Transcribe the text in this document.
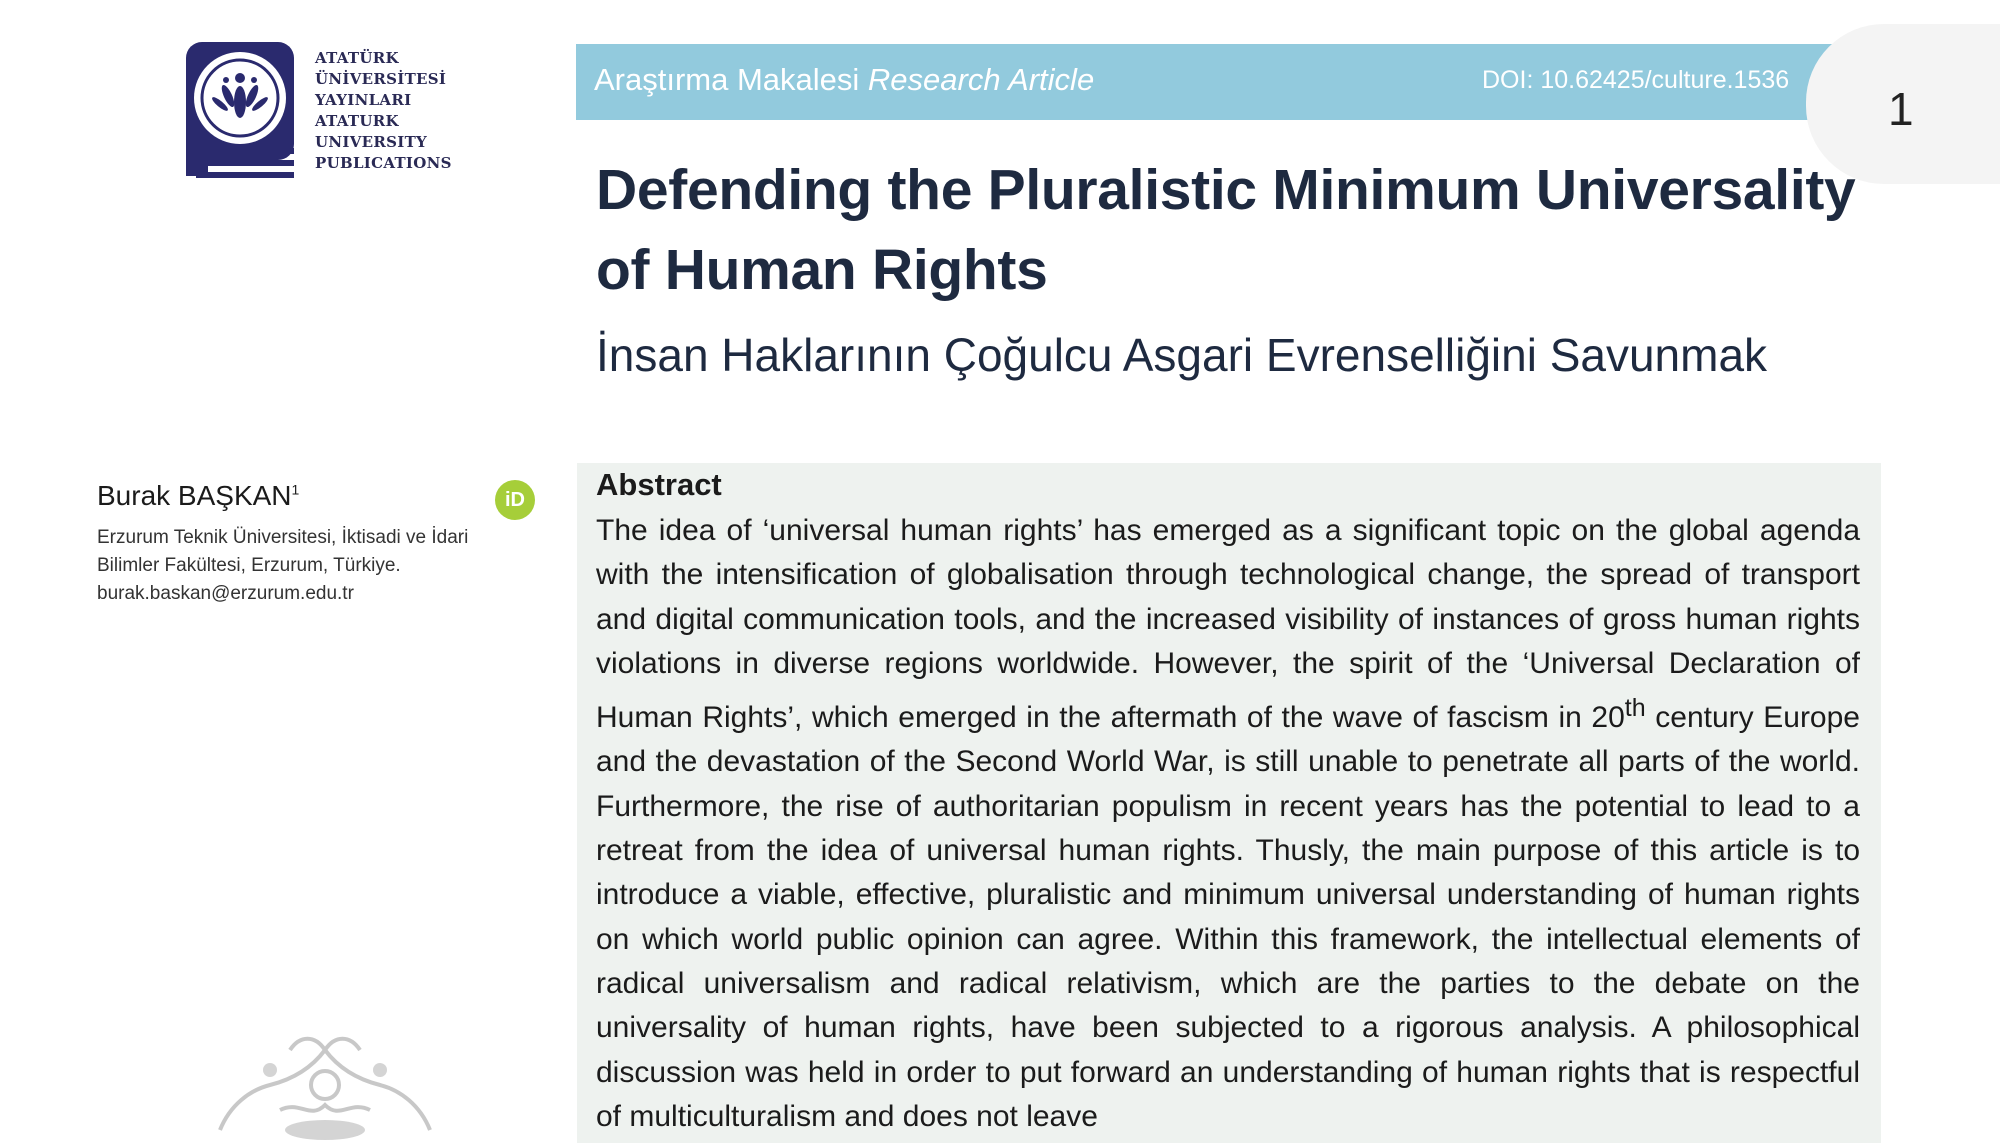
ATATÜRK
ÜNİVERSİTESİ
YAYINLARI
ATATURK
UNIVERSITY
PUBLICATIONS
Araştırma Makalesi Research Article	DOI: 10.62425/culture.1536
1
Defending the Pluralistic Minimum Universality of Human Rights
İnsan Haklarının Çoğulcu Asgari Evrenselliğini Savunmak
Burak BAŞKAN$^1$	iD
Erzurum Teknik Üniversitesi, İktisadi ve İdari Bilimler Fakültesi, Erzurum, Türkiye.
burak.baskan@erzurum.edu.tr
Abstract
The idea of ‘universal human rights’ has emerged as a significant topic on the global agenda with the intensification of globalisation through technological change, the spread of transport and digital communication tools, and the increased visibility of instances of gross human rights violations in diverse regions worldwide. However, the spirit of the ‘Universal Declaration of Human Rights’, which emerged in the aftermath of the wave of fascism in 20th century Europe and the devastation of the Second World War, is still unable to penetrate all parts of the world. Furthermore, the rise of authoritarian populism in recent years has the potential to lead to a retreat from the idea of universal human rights. Thusly, the main purpose of this article is to introduce a viable, effective, pluralistic and minimum universal understanding of human rights on which world public opinion can agree. Within this framework, the intellectual elements of radical universalism and radical relativism, which are the parties to the debate on the universality of human rights, have been subjected to a rigorous analysis. A philosophical discussion was held in order to put forward an understanding of human rights that is respectful of multiculturalism and does not leave
